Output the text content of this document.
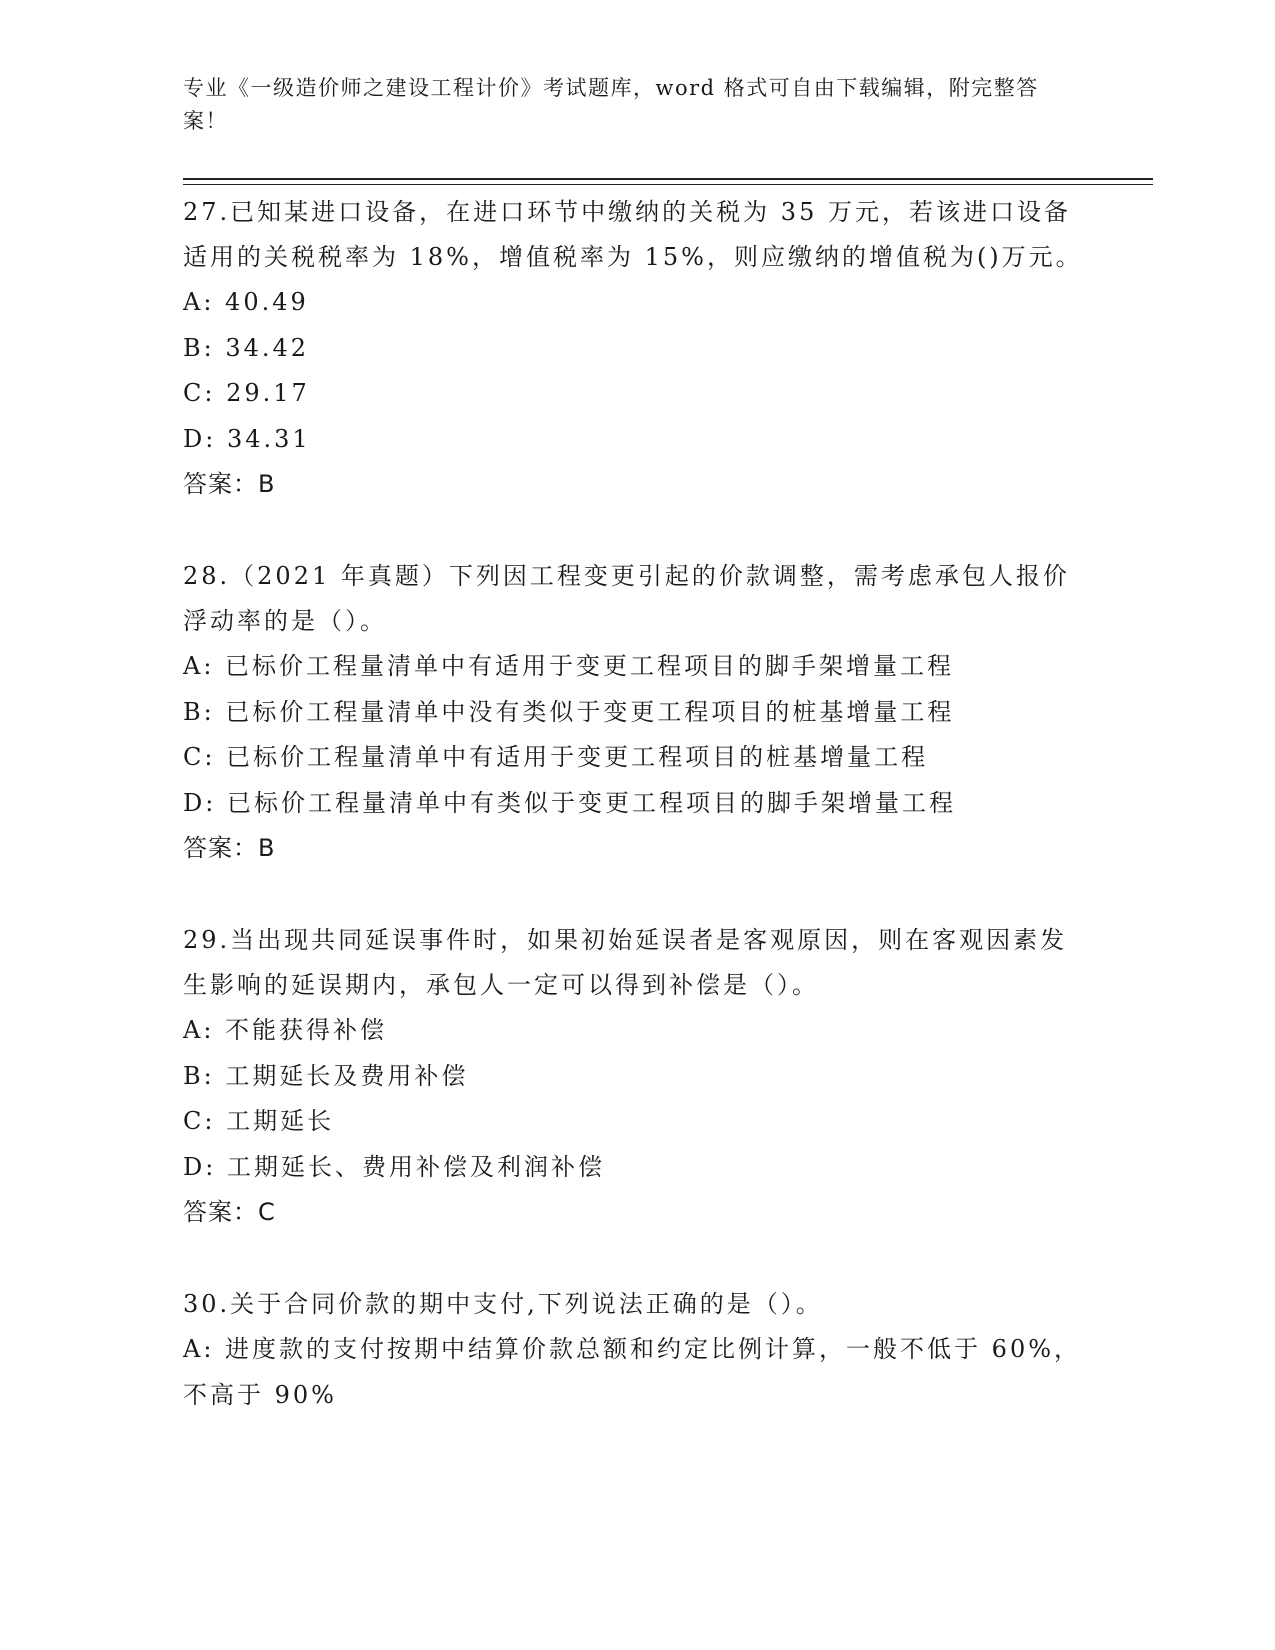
专业《一级造价师之建设工程计价》考试题库，word 格式可自由下载编辑，附完整答案！

27.已知某进口设备，在进口环节中缴纳的关税为 35 万元，若该进口设备适用的关税税率为 18%，增值税率为 15%，则应缴纳的增值税为()万元。

A: 40.49

B: 34.42

C: 29.17

D: 34.31

答案：B

28.（2021 年真题）下列因工程变更引起的价款调整，需考虑承包人报价浮动率的是（）。

A: 已标价工程量清单中有适用于变更工程项目的脚手架增量工程

B: 已标价工程量清单中没有类似于变更工程项目的桩基增量工程

C: 已标价工程量清单中有适用于变更工程项目的桩基增量工程

D: 已标价工程量清单中有类似于变更工程项目的脚手架增量工程

答案：B

29.当出现共同延误事件时，如果初始延误者是客观原因，则在客观因素发生影响的延误期内，承包人一定可以得到补偿是（）。

A: 不能获得补偿

B: 工期延长及费用补偿

C: 工期延长

D: 工期延长、费用补偿及利润补偿

答案：C

30.关于合同价款的期中支付,下列说法正确的是（）。

A: 进度款的支付按期中结算价款总额和约定比例计算，一般不低于 60%，不高于 90%
